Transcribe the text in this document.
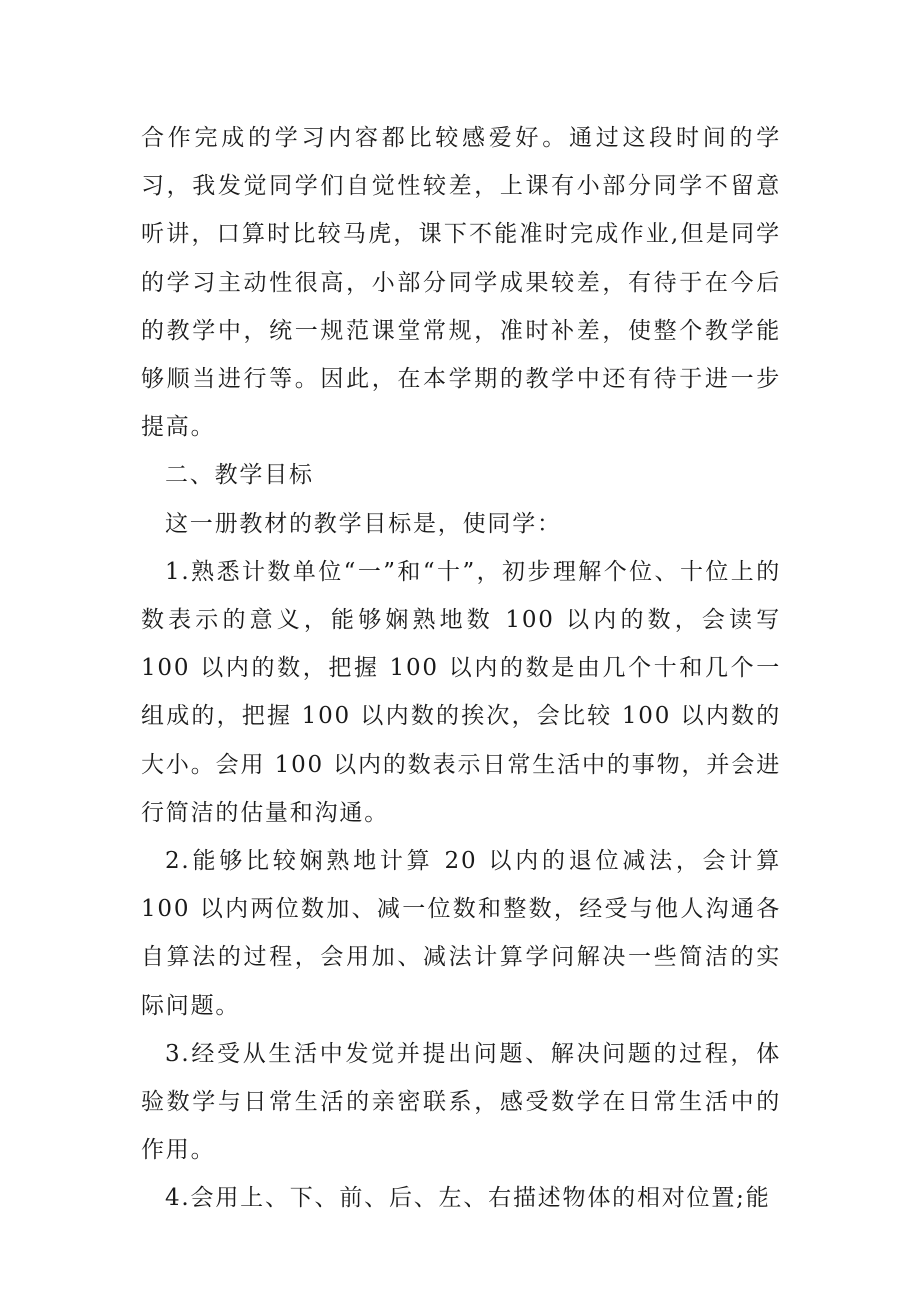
合作完成的学习内容都比较感爱好。通过这段时间的学习，我发觉同学们自觉性较差，上课有小部分同学不留意听讲，口算时比较马虎，课下不能准时完成作业,但是同学的学习主动性很高，小部分同学成果较差，有待于在今后的教学中，统一规范课堂常规，准时补差，使整个教学能够顺当进行等。因此，在本学期的教学中还有待于进一步提高。

二、教学目标

这一册教材的教学目标是，使同学：

1.熟悉计数单位“一”和“十”，初步理解个位、十位上的数表示的意义，能够娴熟地数 100 以内的数，会读写 100 以内的数，把握 100 以内的数是由几个十和几个一组成的，把握 100 以内数的挨次，会比较 100 以内数的大小。会用 100 以内的数表示日常生活中的事物，并会进行简洁的估量和沟通。

2.能够比较娴熟地计算 20 以内的退位减法，会计算 100 以内两位数加、减一位数和整数，经受与他人沟通各自算法的过程，会用加、减法计算学问解决一些简洁的实际问题。

3.经受从生活中发觉并提出问题、解决问题的过程，体验数学与日常生活的亲密联系，感受数学在日常生活中的作用。

4.会用上、下、前、后、左、右描述物体的相对位置;能
